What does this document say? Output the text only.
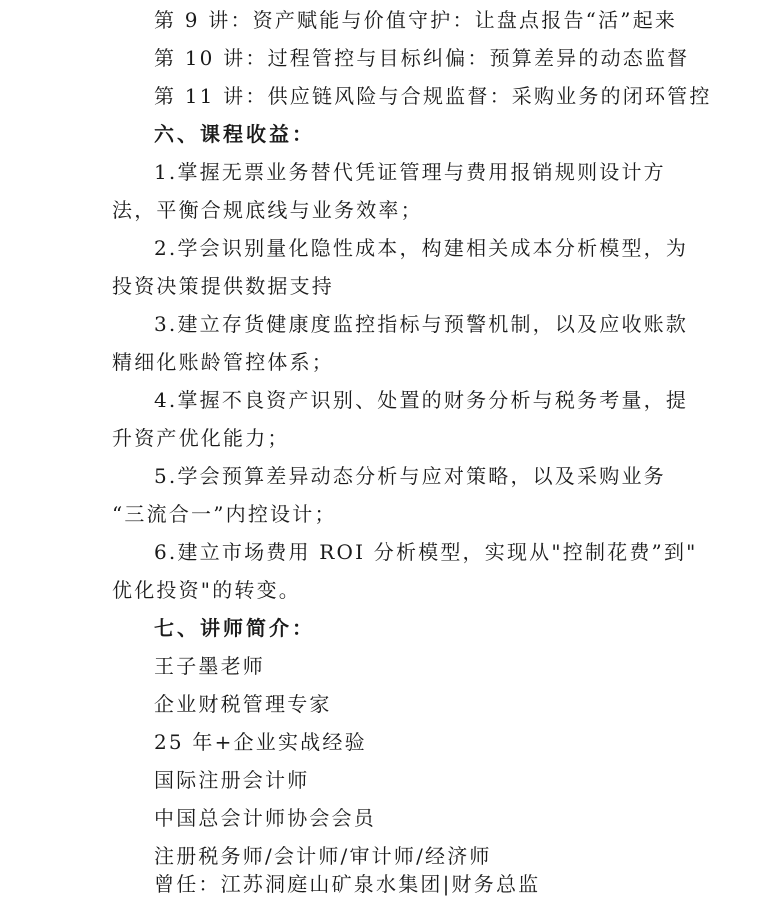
第 9 讲：资产赋能与价值守护：让盘点报告“活”起来
第 10 讲：过程管控与目标纠偏：预算差异的动态监督
第 11 讲：供应链风险与合规监督：采购业务的闭环管控
六、课程收益：
1.掌握无票业务替代凭证管理与费用报销规则设计方
法，平衡合规底线与业务效率；
2.学会识别量化隐性成本，构建相关成本分析模型，为
投资决策提供数据支持
3.建立存货健康度监控指标与预警机制，以及应收账款
精细化账龄管控体系；
4.掌握不良资产识别、处置的财务分析与税务考量，提
升资产优化能力；
5.学会预算差异动态分析与应对策略，以及采购业务
“三流合一”内控设计；
6.建立市场费用 ROI 分析模型，实现从"控制花费”到"
优化投资"的转变。
七、讲师简介：
王子墨老师
企业财税管理专家
25 年+企业实战经验
国际注册会计师
中国总会计师协会会员
注册税务师/会计师/审计师/经济师
曾任：江苏洞庭山矿泉水集团|财务总监
